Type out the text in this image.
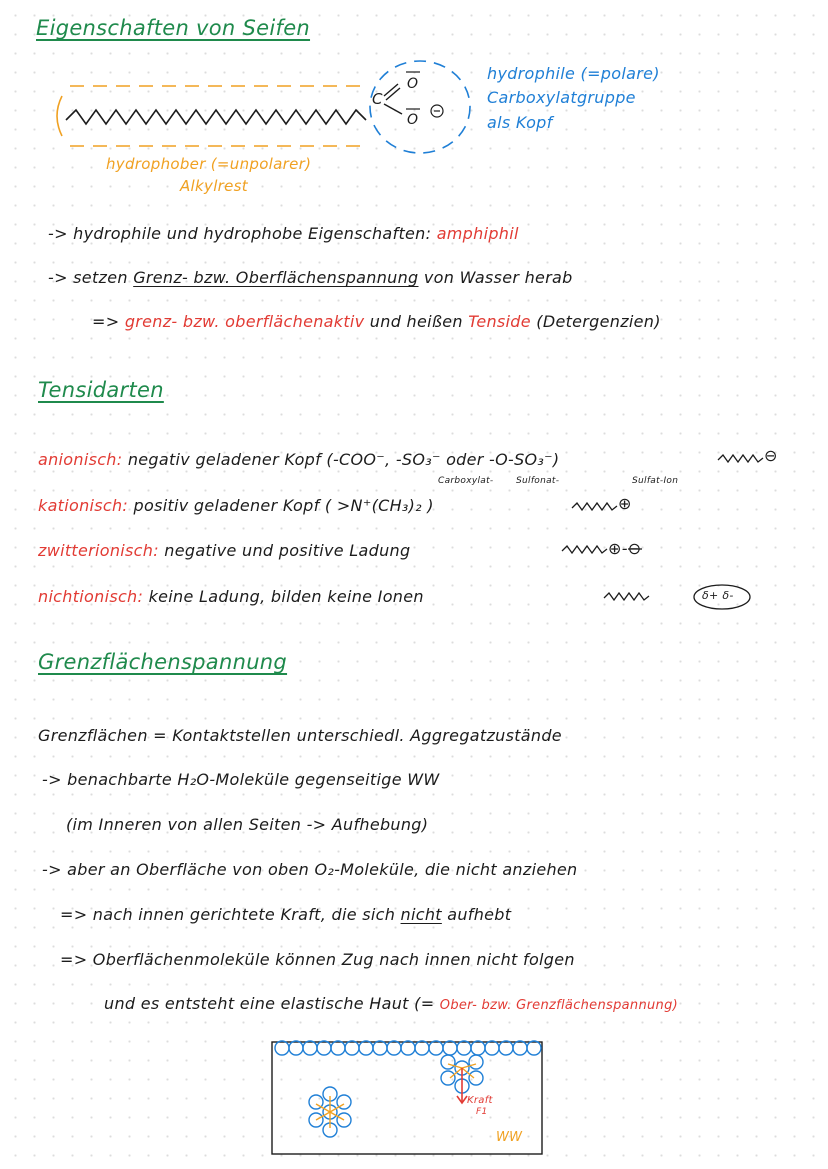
Eigenschaften von Seifen
C
O
O
hydrophile (=polare)
Carboxylatgruppe
als Kopf
hydrophober (=unpolarer)
Alkylrest
-> hydrophile und hydrophobe Eigenschaften: amphiphil
-> setzen Grenz- bzw. Oberflächenspannung von Wasser herab
=> grenz- bzw. oberflächenaktiv und heißen Tenside (Detergenzien)
Tensidarten
anionisch: negativ geladener Kopf (-COO⁻, -SO₃⁻ oder -O-SO₃⁻)
Carboxylat-	Sulfonat-	Sulfat-Ion
kationisch: positiv geladener Kopf ( >N⁺(CH₃)₂ )
zwitterionisch: negative und positive Ladung
nichtionisch: keine Ladung, bilden keine Ionen
⊖
⊕
⊕-⊖
δ+ δ-
Grenzflächenspannung
Grenzflächen = Kontaktstellen unterschiedl. Aggregatzustände
-> benachbarte H₂O-Moleküle gegenseitige WW
(im Inneren von allen Seiten -> Aufhebung)
-> aber an Oberfläche von oben O₂-Moleküle, die nicht anziehen
=> nach innen gerichtete Kraft, die sich nicht aufhebt
=> Oberflächenmoleküle können Zug nach innen nicht folgen
und es entsteht eine elastische Haut (= Ober- bzw. Grenzflächenspannung)
Kraft
F1
WW
